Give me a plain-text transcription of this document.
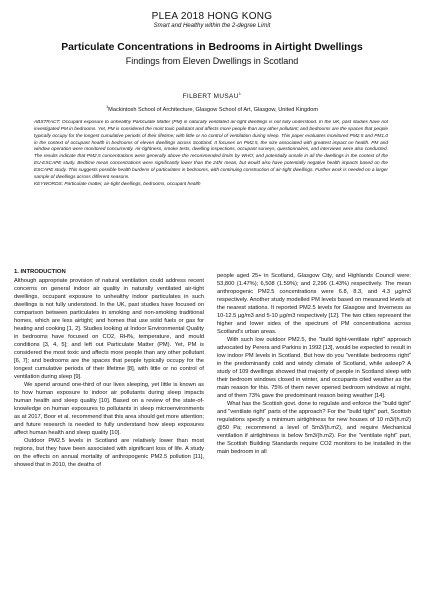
PLEA 2018 HONG KONG
Smart and Healthy within the 2-degree Limit
Particulate Concentrations in Bedrooms in Airtight Dwellings
Findings from Eleven Dwellings in Scotland
FILBERT MUSAU$^1$
$^1$Mackintosh School of Architecture, Glasgow School of Art, Glasgow, United Kingdom
ABSTRACT: Occupant exposure to unhealthy Particulate Matter (PM) in naturally ventilated air-tight dwellings is not fully understood. In the UK, past studies have not investigated PM in bedrooms. Yet, PM is considered the most toxic pollutant and affects more people than any other pollutant; and bedrooms are the spaces that people typically occupy for the longest cumulative periods of their lifetime; with little or no control of ventilation during sleep. This paper evaluates monitored PM2.5 and PM1.0 in the context of occupant health in bedrooms of eleven dwellings across Scotland. It focuses on PM2.5, the size associated with greatest impact on health. PM and window operation were monitored concurrently. Air-tightness, smoke tests, dwelling inspections, occupant surveys, questionnaires, and interviews were also conducted. The results indicate that PM2.5 concentrations were generally above the recommended limits by WHO; and potentially unsafe in all the dwellings in the context of the EU-ESCAPE study. Bedtime mean concentrations were significantly lower than the 24hr mean, but would also have potentially negative health impacts based on the ESCAPE study. This suggests possible health burdens of particulates in bedrooms, with continuing construction of air-tight dwellings. Further work is needed on a larger sample of dwellings across different seasons.
KEYWORDS: Particulate matter, air-tight dwellings, bedrooms, occupant health
1. INTRODUCTION

Although appropriate provision of natural ventilation could address recent concerns on general indoor air quality in naturally ventilated air-tight dwellings, occupant exposure to unhealthy indoor particulates in such dwellings is not fully understood. In the UK, past studies have focused on comparison between particulates in smoking and non-smoking traditional homes, which are less airtight; and homes that use solid fuels or gas for heating and cooking [1, 2]. Studies looking at Indoor Environmental Quality in bedrooms have focused on CO2, RH%, temperature, and mould conditions [3, 4, 5]; and left out Particulate Matter (PM). Yet, PM is considered the most toxic and affects more people than any other pollutant [6, 7]; and bedrooms are the spaces that people typically occupy for the longest cumulative periods of their lifetime [8], with little or no control of ventilation during sleep [9].

We spend around one-third of our lives sleeping, yet little is known as to how human exposure to indoor air pollutants during sleep impacts human health and sleep quality [10]. Based on a review of the state-of-knowledge on human exposures to pollutants in sleep microenvironments as at 2017, Boor et al. recommend that this area should get more attention; and future research is needed to fully understand how sleep exposures affect human health and sleep quality [10].

Outdoor PM2.5 levels in Scotland are relatively lower than most regions, but they have been associated with significant loss of life. A study on the effects on annual mortality of anthropogenic PM2.5 pollution [11], showed that in 2010, the deaths of

people aged 25+ in Scotland, Glasgow City, and Highlands Council were: 53,800 (1.47%); 6,508 (1.59%); and 2,296 (1.43%) respectively. The mean anthropogenic PM2.5 concentrations were 6.8, 8.3, and 4.3 µg/m3 respectively. Another study modelled PM levels based on measured levels at the nearest stations. It reported PM2.5 levels for Glasgow and Inverness as 10-12.5 µg/m3 and 5-10 µg/m3 respectively [12]. The two cities represent the higher and lower sides of the spectrum of PM concentrations across Scotland's urban areas.

With such low outdoor PM2.5, the "build tight-ventilate right" approach advocated by Perera and Parkins in 1992 [13], would be expected to result in low indoor PM levels in Scotland. But how do you "ventilate bedrooms right" in the predominantly cold and windy climate of Scotland, while asleep? A study of 109 dwellings showed that majority of people in Scotland sleep with their bedroom windows closed in winter, and occupants cited weather as the main reason for this. 75% of them never opened bedroom windows at night, and of them 73% gave the predominant reason being weather [14].

What has the Scottish govt. done to regulate and enforce the "build tight" and "ventilate right" parts of the approach? For the "build tight" part, Scottish regulations specify a minimum airtightness for new houses of 10 m3/(h.m2) @50 Pa; recommend a level of 5m3/(h.m2), and require Mechanical ventilation if airtightness is below 5m3/(h.m2). For the "ventilate right" part, the Scottish Building Standards require CO2 monitors to be installed in the main bedroom in all
